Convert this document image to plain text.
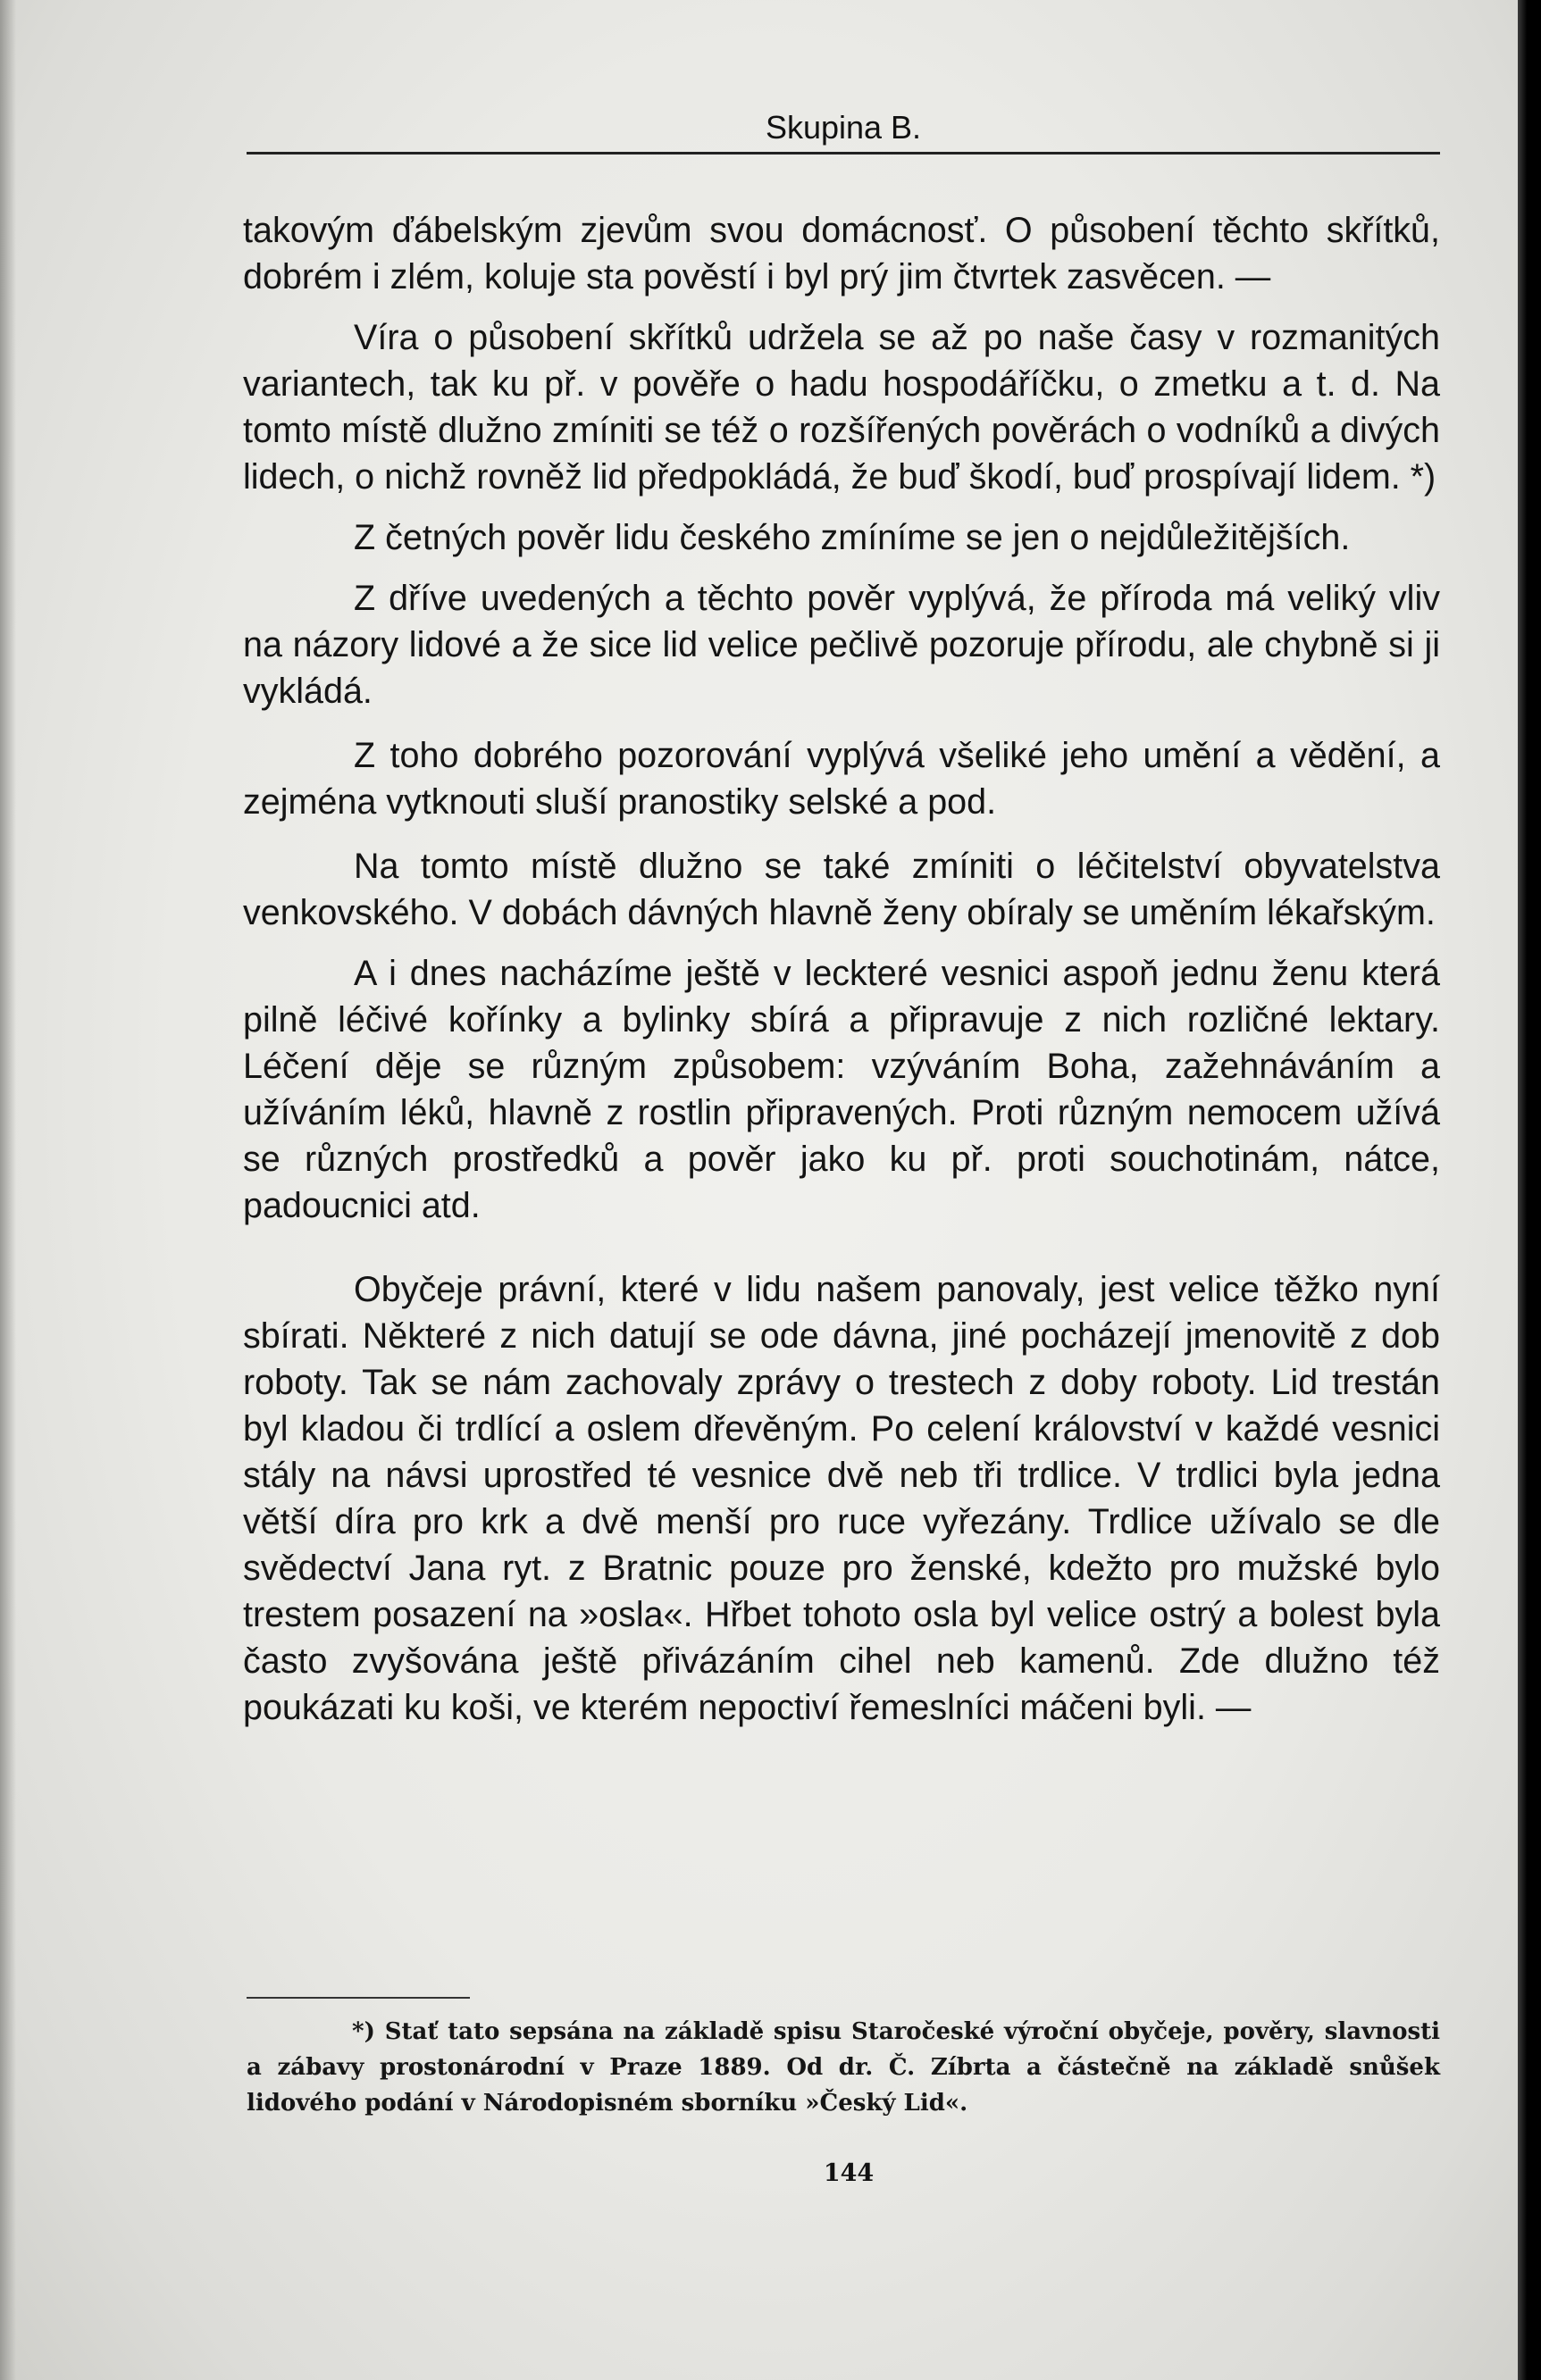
Skupina B.

takovým ďábelským zjevům svou domácnosť. O působení těchto skřítků, dobrém i zlém, koluje sta pověstí i byl prý jim čtvrtek zasvěcen. —

Víra o působení skřítků udržela se až po naše časy v rozmanitých variantech, tak ku př. v pověře o hadu hospodáříčku, o zmetku a t. d. Na tomto místě dlužno zmíniti se též o rozšířených pověrách o vodníků a divých lidech, o nichž rovněž lid předpokládá, že buď škodí, buď prospívají lidem. *)

Z četných pověr lidu českého zmíníme se jen o nejdůležitějších.

Z dříve uvedených a těchto pověr vyplývá, že příroda má veliký vliv na názory lidové a že sice lid velice pečlivě pozoruje přírodu, ale chybně si ji vykládá.

Z toho dobrého pozorování vyplývá všeliké jeho umění a vědění, a zejména vytknouti sluší pranostiky selské a pod.

Na tomto místě dlužno se také zmíniti o léčitelství obyvatelstva venkovského. V dobách dávných hlavně ženy obíraly se uměním lékařským.

A i dnes nacházíme ještě v leckteré vesnici aspoň jednu ženu která pilně léčivé kořínky a bylinky sbírá a připravuje z nich rozličné lektary. Léčení děje se různým způsobem: vzýváním Boha, zažehnáváním a užíváním léků, hlavně z rostlin připravených. Proti různým nemocem užívá se různých prostředků a pověr jako ku př. proti souchotinám, nátce, padoucnici atd.

Obyčeje právní, které v lidu našem panovaly, jest velice těžko nyní sbírati. Některé z nich datují se ode dávna, jiné pocházejí jmenovitě z dob roboty. Tak se nám zachovaly zprávy o trestech z doby roboty. Lid trestán byl kladou či trdlící a oslem dřevěným. Po celení království v každé vesnici stály na návsi uprostřed té vesnice dvě neb tři trdlice. V trdlici byla jedna větší díra pro krk a dvě menší pro ruce vyřezány. Trdlice užívalo se dle svědectví Jana ryt. z Bratnic pouze pro ženské, kdežto pro mužské bylo trestem posazení na »osla«. Hřbet tohoto osla byl velice ostrý a bolest byla často zvyšována ještě přivázáním cihel neb kamenů. Zde dlužno též poukázati ku koši, ve kterém nepoctiví řemeslníci máčeni byli. —

*) Stať tato sepsána na základě spisu Staročeské výroční obyčeje, pověry, slavnosti a zábavy prostonárodní v Praze 1889. Od dr. Č. Zíbrta a částečně na základě snůšek lidového podání v Národopisném sborníku »Český Lid«.
144
